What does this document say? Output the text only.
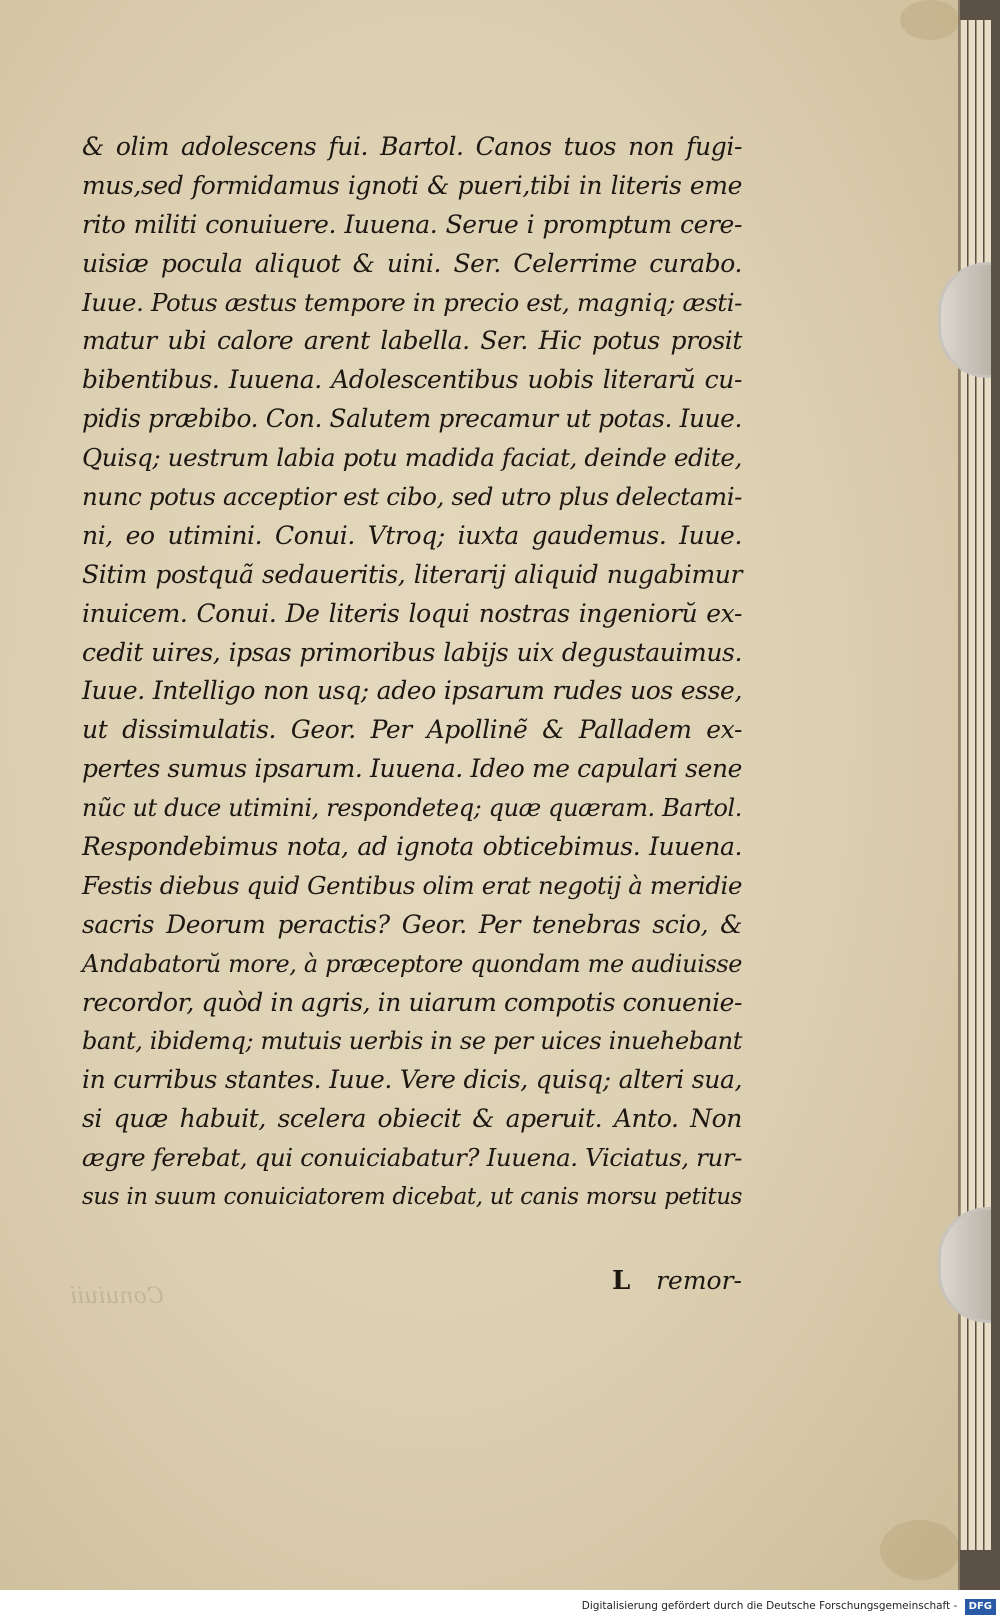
& olim adolescens fui. Bartol. Canos tuos non fugi-
mus,sed formidamus ignoti & pueri,tibi in literis eme
rito militi conuiuere. Iuuena. Serue i promptum cere-
uisiæ pocula aliquot & uini. Ser. Celerrime curabo.
Iuue. Potus æstus tempore in precio est, magniq; æsti-
matur ubi calore arent labella. Ser. Hic potus prosit
bibentibus. Iuuena. Adolescentibus uobis literarŭ cu-
pidis præbibo. Con. Salutem precamur ut potas. Iuue.
Quisq; uestrum labia potu madida faciat, deinde edite,
nunc potus acceptior est cibo, sed utro plus delectami-
ni, eo utimini. Conui. Vtroq; iuxta gaudemus. Iuue.
Sitim postquã sedaueritis, literarij aliquid nugabimur
inuicem. Conui. De literis loqui nostras ingeniorŭ ex-
cedit uires, ipsas primoribus labijs uix degustauimus.
Iuue. Intelligo non usq; adeo ipsarum rudes uos esse,
ut dissimulatis. Geor. Per Apollinẽ & Palladem ex-
pertes sumus ipsarum. Iuuena. Ideo me capulari sene
nũc ut duce utimini, respondeteq; quæ quæram. Bartol.
Respondebimus nota, ad ignota obticebimus. Iuuena.
Festis diebus quid Gentibus olim erat negotij à meridie
sacris Deorum peractis? Geor. Per tenebras scio, &
Andabatorŭ more, à præceptore quondam me audiuisse
recordor, quòd in agris, in uiarum compotis conuenie-
bant, ibidemq; mutuis uerbis in se per uices inuehebant
in curribus stantes. Iuue. Vere dicis, quisq; alteri sua,
si quæ habuit, scelera obiecit & aperuit. Anto. Non
ægre ferebat, qui conuiciabatur? Iuuena. Viciatus, rur-
sus in suum conuiciatorem dicebat, ut canis morsu petitus
L remor-
Conuiuii
Digitalisierung gefördert durch die Deutsche Forschungsgemeinschaft - DFG
